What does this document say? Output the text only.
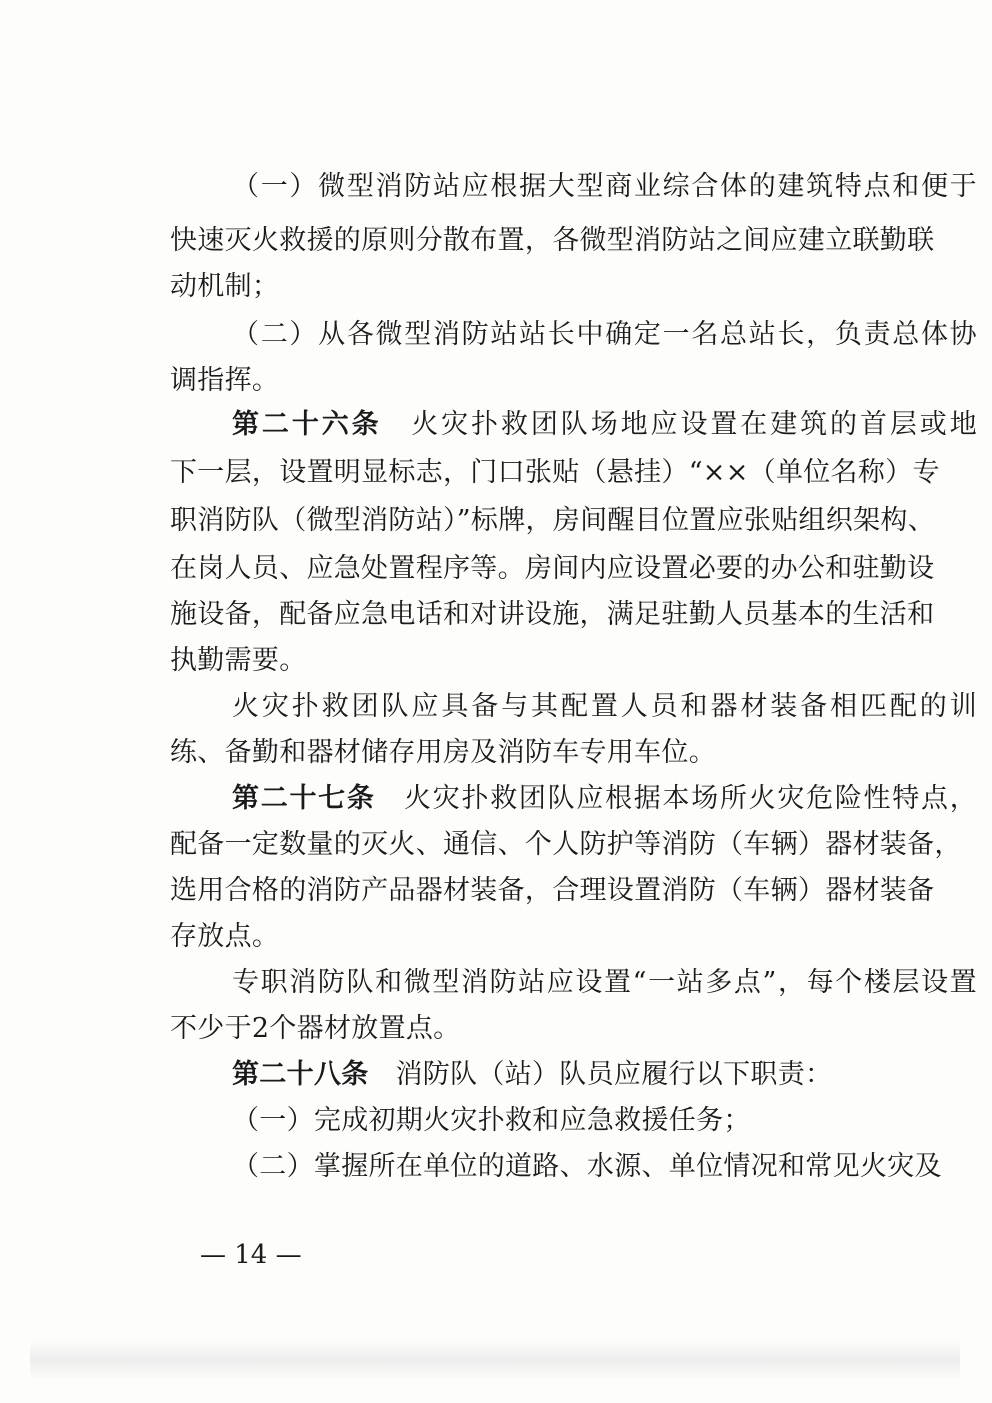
（一）微型消防站应根据大型商业综合体的建筑特点和便于
快速灭火救援的原则分散布置，各微型消防站之间应建立联勤联
动机制；
（二）从各微型消防站站长中确定一名总站长，负责总体协
调指挥。
第二十六条 火灾扑救团队场地应设置在建筑的首层或地
下一层，设置明显标志，门口张贴（悬挂）“××（单位名称）专
职消防队（微型消防站）”标牌，房间醒目位置应张贴组织架构、
在岗人员、应急处置程序等。房间内应设置必要的办公和驻勤设
施设备，配备应急电话和对讲设施，满足驻勤人员基本的生活和
执勤需要。
火灾扑救团队应具备与其配置人员和器材装备相匹配的训
练、备勤和器材储存用房及消防车专用车位。
第二十七条 火灾扑救团队应根据本场所火灾危险性特点，
配备一定数量的灭火、通信、个人防护等消防（车辆）器材装备，
选用合格的消防产品器材装备，合理设置消防（车辆）器材装备
存放点。
专职消防队和微型消防站应设置“一站多点”，每个楼层设置
不少于2个器材放置点。
第二十八条 消防队（站）队员应履行以下职责：
（一）完成初期火灾扑救和应急救援任务；
（二）掌握所在单位的道路、水源、单位情况和常见火灾及
— 14 —
